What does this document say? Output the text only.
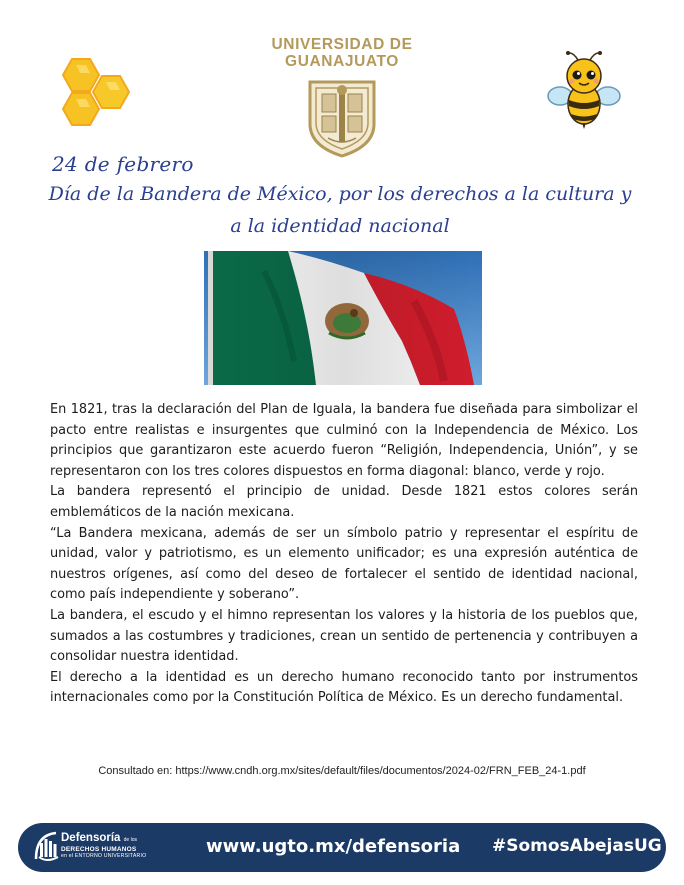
UNIVERSIDAD DE
GUANAJUATO
24 de febrero
Día de la Bandera de México, por los derechos a la cultura y a la identidad nacional

En 1821, tras la declaración del Plan de Iguala, la bandera fue diseñada para simbolizar el pacto entre realistas e insurgentes que culminó con la Independencia de México. Los principios que garantizaron este acuerdo fueron “Religión, Independencia, Unión”, y se representaron con los tres colores dispuestos en forma diagonal: blanco, verde y rojo.

La bandera representó el principio de unidad. Desde 1821 estos colores serán emblemáticos de la nación mexicana.

“La Bandera mexicana, además de ser un símbolo patrio y representar el espíritu de unidad, valor y patriotismo, es un elemento unificador; es una expresión auténtica de nuestros orígenes, así como del deseo de fortalecer el sentido de identidad nacional, como país independiente y soberano”.

La bandera, el escudo y el himno representan los valores y la historia de los pueblos que, sumados a las costumbres y tradiciones, crean un sentido de pertenencia y contribuyen a consolidar nuestra identidad.

El derecho a la identidad es un derecho humano reconocido tanto por instrumentos internacionales como por la Constitución Política de México. Es un derecho fundamental.

Consultado en: https://www.cndh.org.mx/sites/default/files/documentos/2024-02/FRN_FEB_24-1.pdf
Defensoría de los
DERECHOS HUMANOS
en el ENTORNO UNIVERSITARIO	www.ugto.mx/defensoria #SomosAbejasUG
